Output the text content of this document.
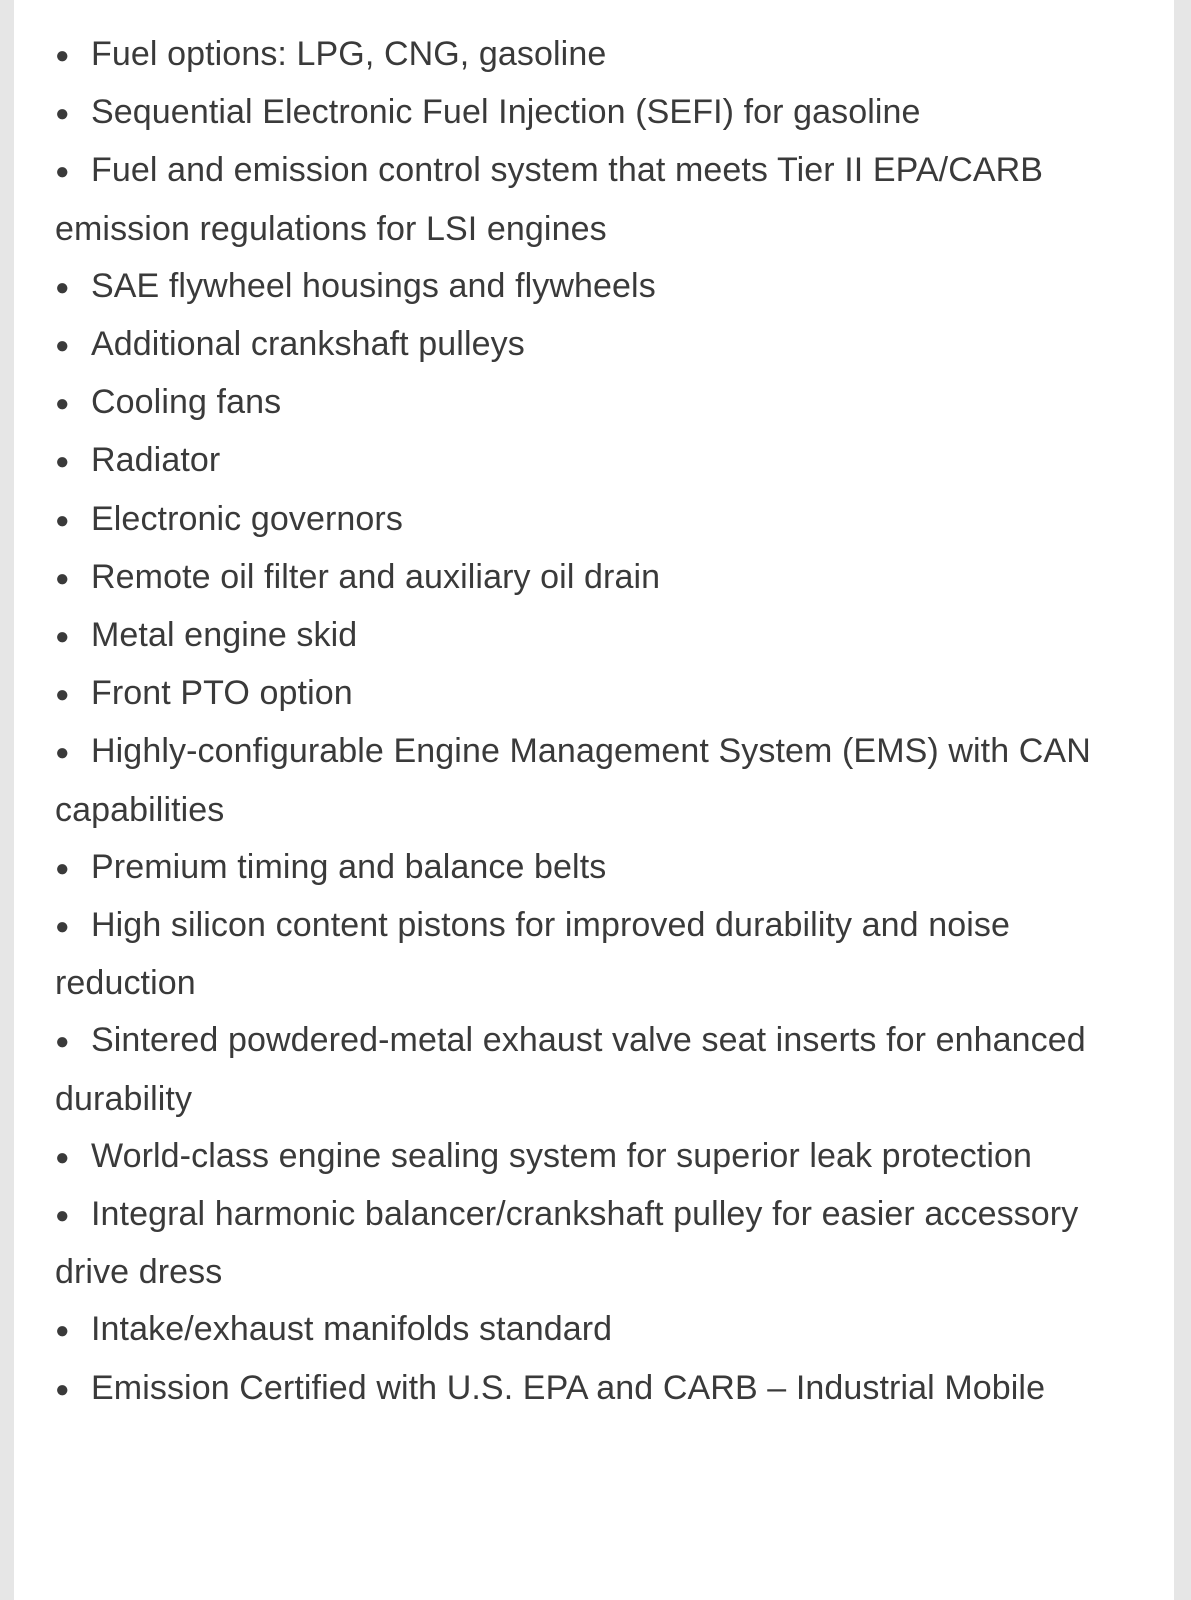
● Fuel options: LPG, CNG, gasoline
● Sequential Electronic Fuel Injection (SEFI) for gasoline
● Fuel and emission control system that meets Tier II EPA/CARB emission regulations for LSI engines
● SAE flywheel housings and flywheels
● Additional crankshaft pulleys
● Cooling fans
● Radiator
● Electronic governors
● Remote oil filter and auxiliary oil drain
● Metal engine skid
● Front PTO option
● Highly-configurable Engine Management System (EMS) with CAN capabilities
● Premium timing and balance belts
● High silicon content pistons for improved durability and noise reduction
● Sintered powdered-metal exhaust valve seat inserts for enhanced durability
● World-class engine sealing system for superior leak protection
● Integral harmonic balancer/crankshaft pulley for easier accessory drive dress
● Intake/exhaust manifolds standard
● Emission Certified with U.S. EPA and CARB – Industrial Mobile
